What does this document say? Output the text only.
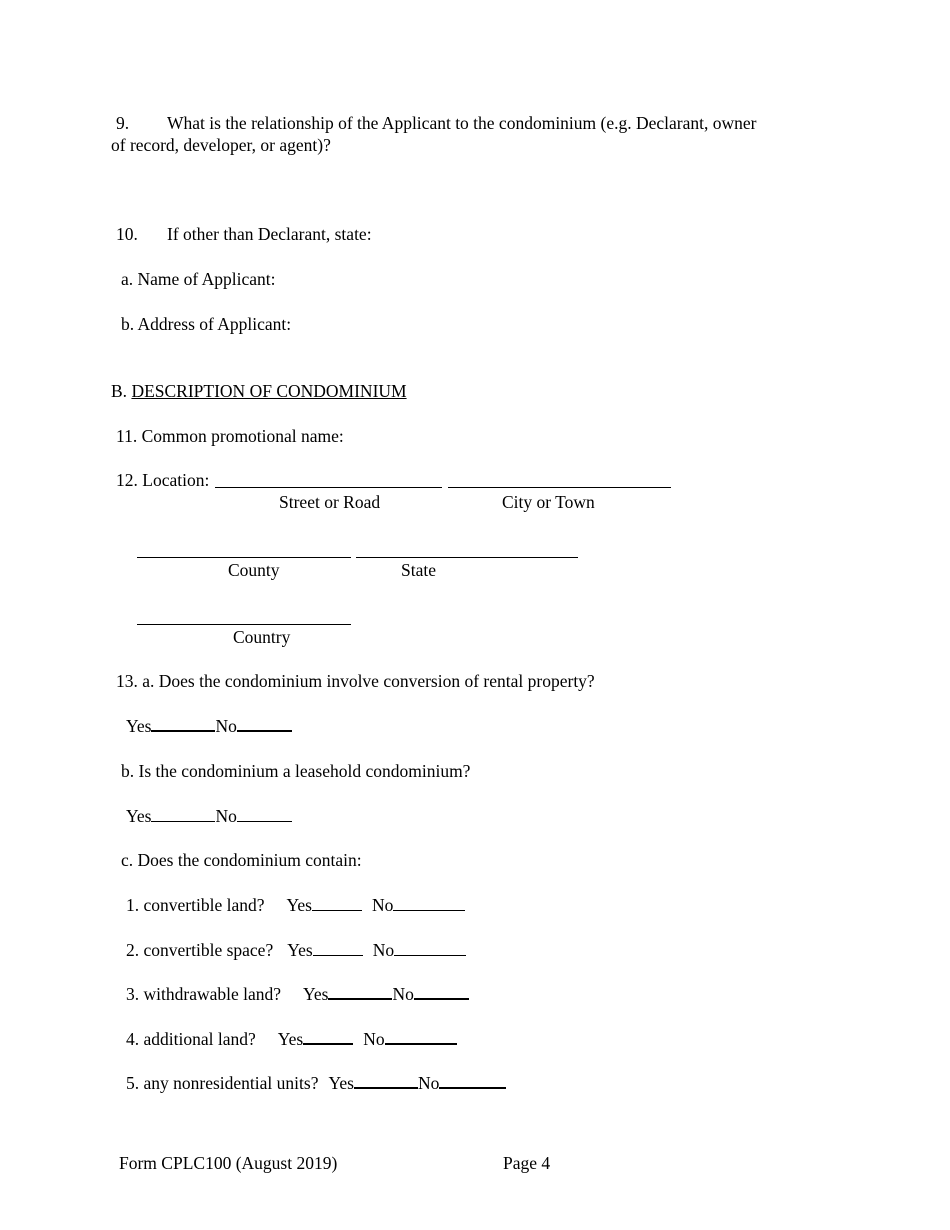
9. What is the relationship of the Applicant to the condominium (e.g. Declarant, owner
of record, developer, or agent)?
10. If other than Declarant, state:
a. Name of Applicant:
b. Address of Applicant:
B. DESCRIPTION OF CONDOMINIUM
11. Common promotional name:
12. Location:
Street or Road	City or Town
County	State
Country
13. a. Does the condominium involve conversion of rental property?
Yes	No
b. Is the condominium a leasehold condominium?
Yes	No
c. Does the condominium contain:
1. convertible land? Yes	No
2. convertible space? Yes	No
3. withdrawable land? Yes	No
4. additional land? Yes	No
5. any nonresidential units? Yes	No
Form CPLC100 (August 2019)	Page 4
